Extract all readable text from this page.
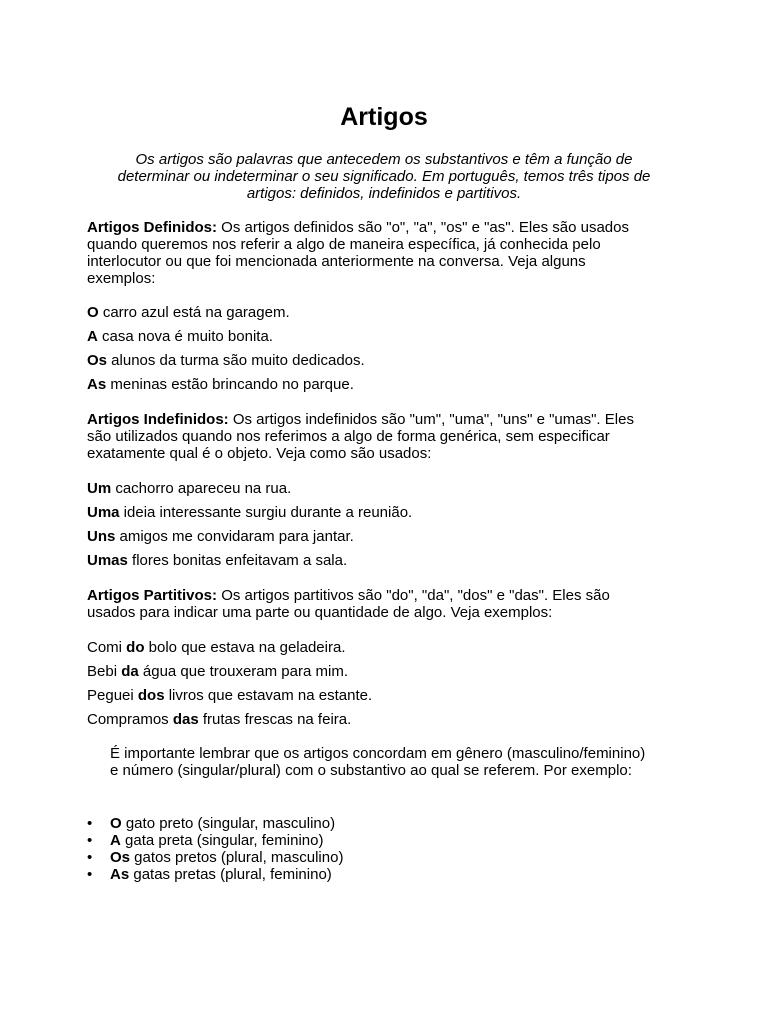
Artigos

Os artigos são palavras que antecedem os substantivos e têm a função de determinar ou indeterminar o seu significado. Em português, temos três tipos de artigos: definidos, indefinidos e partitivos.

Artigos Definidos: Os artigos definidos são "o", "a", "os" e "as". Eles são usados quando queremos nos referir a algo de maneira específica, já conhecida pelo interlocutor ou que foi mencionada anteriormente na conversa. Veja alguns exemplos:

O carro azul está na garagem.

A casa nova é muito bonita.

Os alunos da turma são muito dedicados.

As meninas estão brincando no parque.

Artigos Indefinidos: Os artigos indefinidos são "um", "uma", "uns" e "umas". Eles são utilizados quando nos referimos a algo de forma genérica, sem especificar exatamente qual é o objeto. Veja como são usados:

Um cachorro apareceu na rua.

Uma ideia interessante surgiu durante a reunião.

Uns amigos me convidaram para jantar.

Umas flores bonitas enfeitavam a sala.

Artigos Partitivos: Os artigos partitivos são "do", "da", "dos" e "das". Eles são usados para indicar uma parte ou quantidade de algo. Veja exemplos:

Comi do bolo que estava na geladeira.

Bebi da água que trouxeram para mim.

Peguei dos livros que estavam na estante.

Compramos das frutas frescas na feira.

É importante lembrar que os artigos concordam em gênero (masculino/feminino) e número (singular/plural) com o substantivo ao qual se referem. Por exemplo:

• O gato preto (singular, masculino)
• A gata preta (singular, feminino)
• Os gatos pretos (plural, masculino)
• As gatas pretas (plural, feminino)
